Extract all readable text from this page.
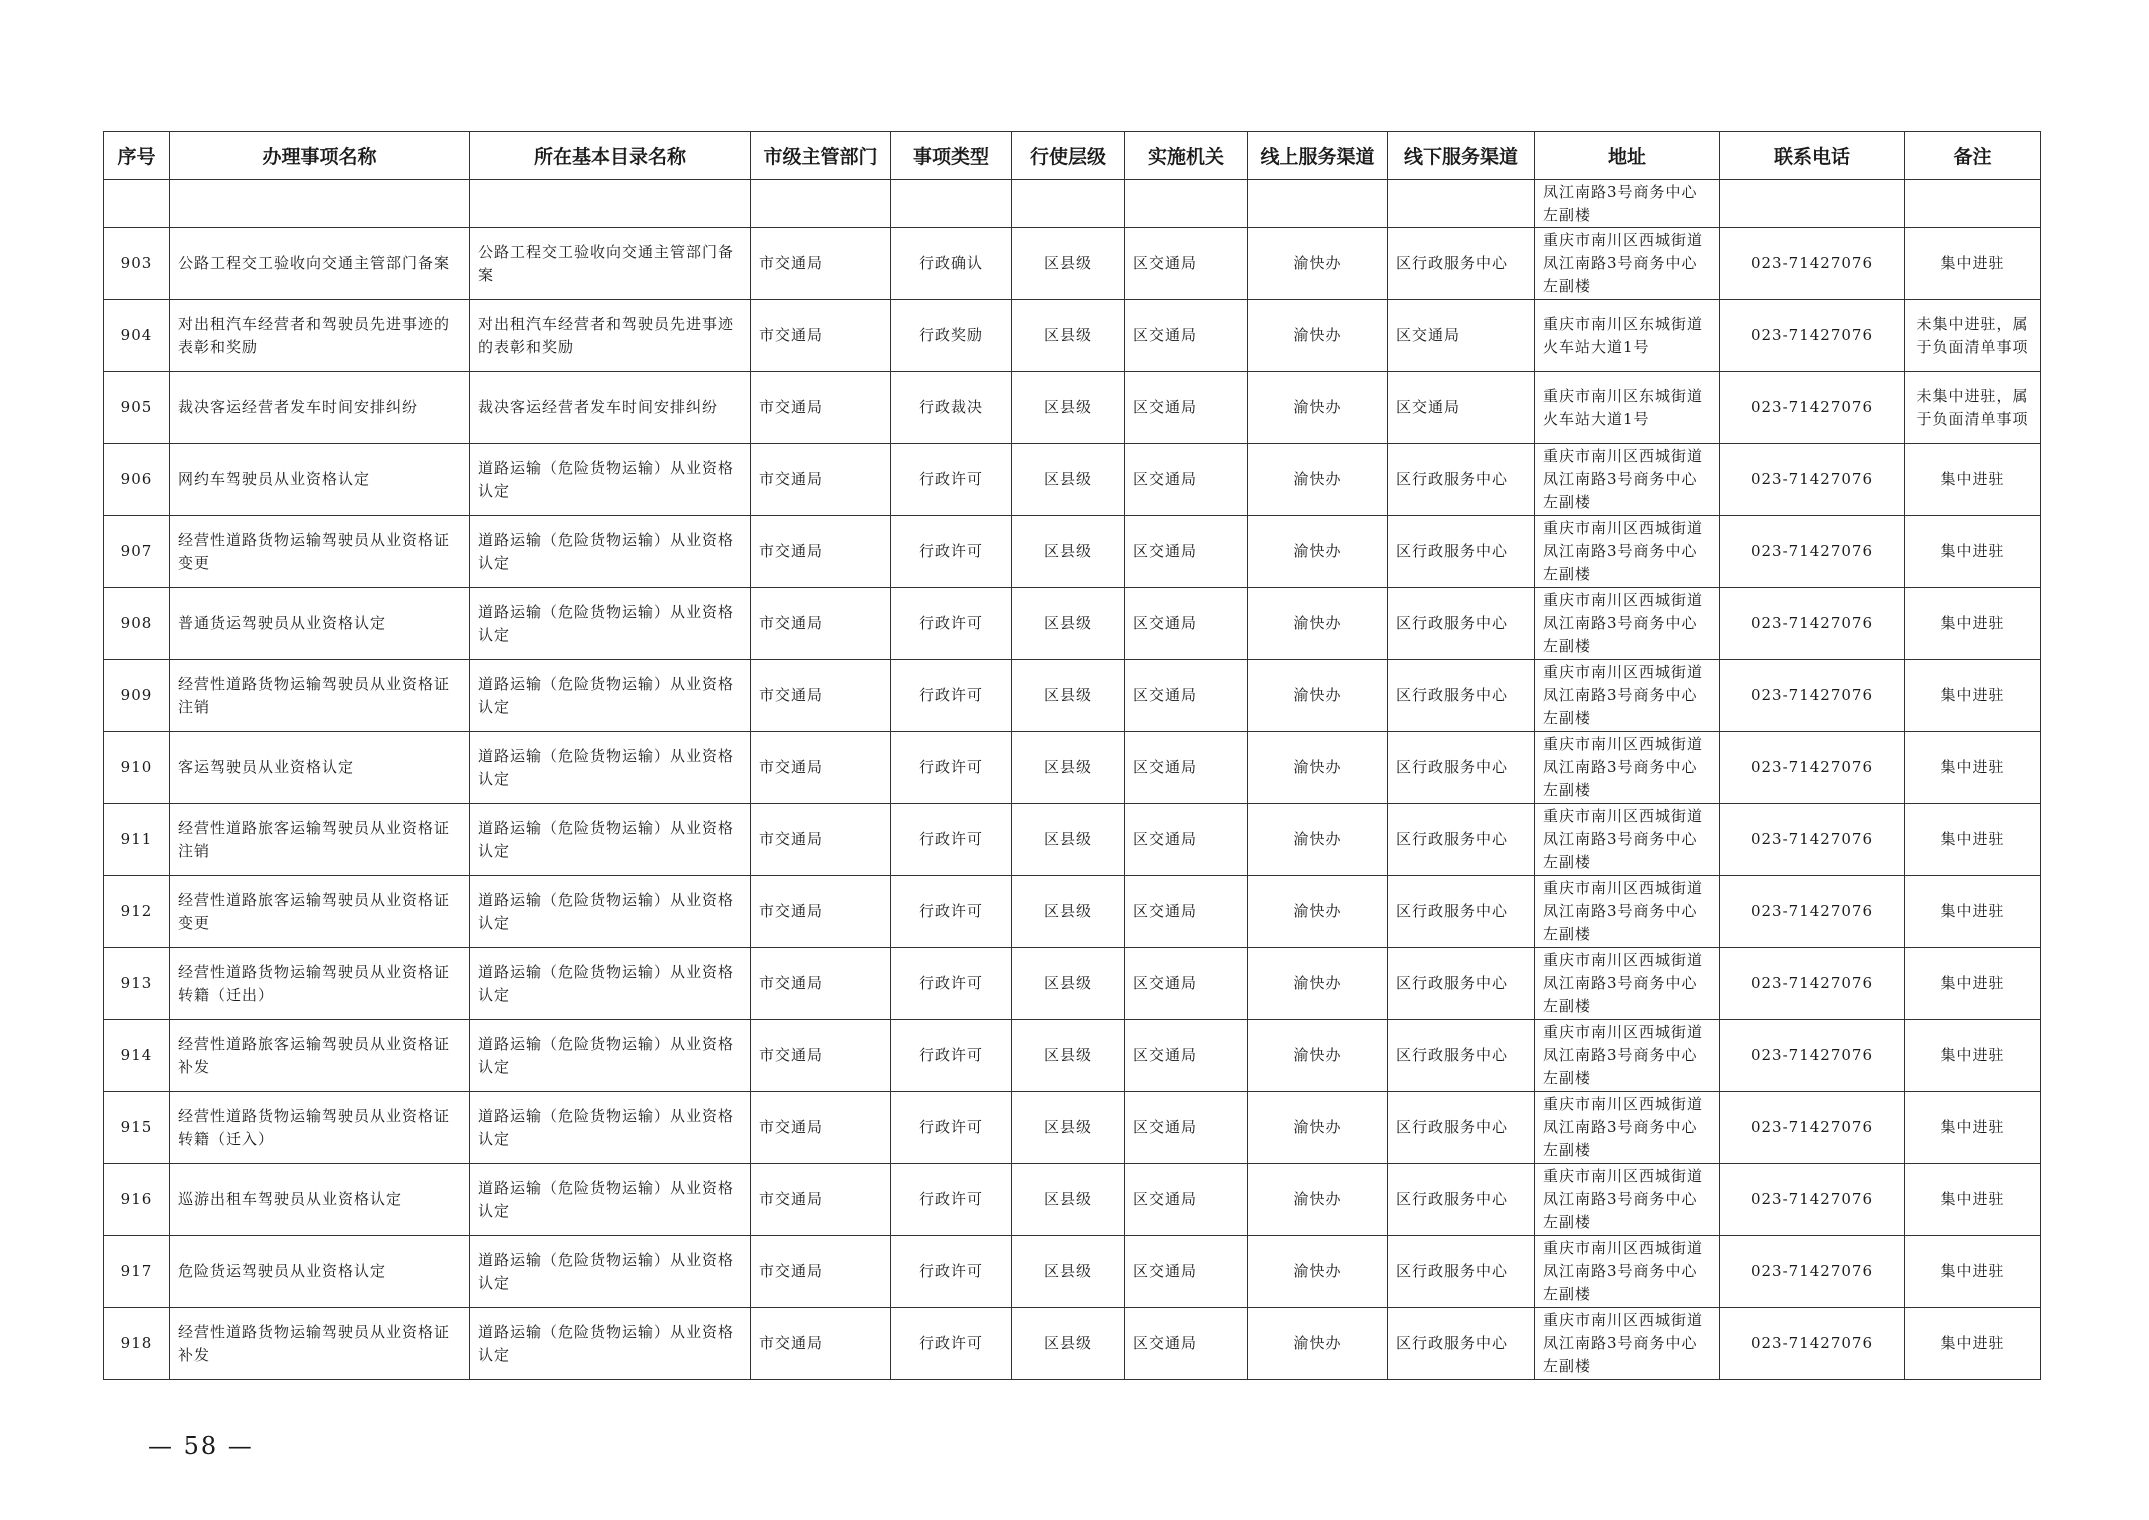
序号	办理事项名称	所在基本目录名称	市级主管部门	事项类型	行使层级	实施机关	线上服务渠道	线下服务渠道	地址	联系电话	备注
									凤江南路3号商务中心左副楼		
903	公路工程交工验收向交通主管部门备案	公路工程交工验收向交通主管部门备案	市交通局	行政确认	区县级	区交通局	渝快办	区行政服务中心	重庆市南川区西城街道凤江南路3号商务中心左副楼	023-71427076	集中进驻
904	对出租汽车经营者和驾驶员先进事迹的表彰和奖励	对出租汽车经营者和驾驶员先进事迹的表彰和奖励	市交通局	行政奖励	区县级	区交通局	渝快办	区交通局	重庆市南川区东城街道火车站大道1号	023-71427076	未集中进驻，属于负面清单事项
905	裁决客运经营者发车时间安排纠纷	裁决客运经营者发车时间安排纠纷	市交通局	行政裁决	区县级	区交通局	渝快办	区交通局	重庆市南川区东城街道火车站大道1号	023-71427076	未集中进驻，属于负面清单事项
906	网约车驾驶员从业资格认定	道路运输（危险货物运输）从业资格认定	市交通局	行政许可	区县级	区交通局	渝快办	区行政服务中心	重庆市南川区西城街道凤江南路3号商务中心左副楼	023-71427076	集中进驻
907	经营性道路货物运输驾驶员从业资格证变更	道路运输（危险货物运输）从业资格认定	市交通局	行政许可	区县级	区交通局	渝快办	区行政服务中心	重庆市南川区西城街道凤江南路3号商务中心左副楼	023-71427076	集中进驻
908	普通货运驾驶员从业资格认定	道路运输（危险货物运输）从业资格认定	市交通局	行政许可	区县级	区交通局	渝快办	区行政服务中心	重庆市南川区西城街道凤江南路3号商务中心左副楼	023-71427076	集中进驻
909	经营性道路货物运输驾驶员从业资格证注销	道路运输（危险货物运输）从业资格认定	市交通局	行政许可	区县级	区交通局	渝快办	区行政服务中心	重庆市南川区西城街道凤江南路3号商务中心左副楼	023-71427076	集中进驻
910	客运驾驶员从业资格认定	道路运输（危险货物运输）从业资格认定	市交通局	行政许可	区县级	区交通局	渝快办	区行政服务中心	重庆市南川区西城街道凤江南路3号商务中心左副楼	023-71427076	集中进驻
911	经营性道路旅客运输驾驶员从业资格证注销	道路运输（危险货物运输）从业资格认定	市交通局	行政许可	区县级	区交通局	渝快办	区行政服务中心	重庆市南川区西城街道凤江南路3号商务中心左副楼	023-71427076	集中进驻
912	经营性道路旅客运输驾驶员从业资格证变更	道路运输（危险货物运输）从业资格认定	市交通局	行政许可	区县级	区交通局	渝快办	区行政服务中心	重庆市南川区西城街道凤江南路3号商务中心左副楼	023-71427076	集中进驻
913	经营性道路货物运输驾驶员从业资格证转籍（迁出）	道路运输（危险货物运输）从业资格认定	市交通局	行政许可	区县级	区交通局	渝快办	区行政服务中心	重庆市南川区西城街道凤江南路3号商务中心左副楼	023-71427076	集中进驻
914	经营性道路旅客运输驾驶员从业资格证补发	道路运输（危险货物运输）从业资格认定	市交通局	行政许可	区县级	区交通局	渝快办	区行政服务中心	重庆市南川区西城街道凤江南路3号商务中心左副楼	023-71427076	集中进驻
915	经营性道路货物运输驾驶员从业资格证转籍（迁入）	道路运输（危险货物运输）从业资格认定	市交通局	行政许可	区县级	区交通局	渝快办	区行政服务中心	重庆市南川区西城街道凤江南路3号商务中心左副楼	023-71427076	集中进驻
916	巡游出租车驾驶员从业资格认定	道路运输（危险货物运输）从业资格认定	市交通局	行政许可	区县级	区交通局	渝快办	区行政服务中心	重庆市南川区西城街道凤江南路3号商务中心左副楼	023-71427076	集中进驻
917	危险货运驾驶员从业资格认定	道路运输（危险货物运输）从业资格认定	市交通局	行政许可	区县级	区交通局	渝快办	区行政服务中心	重庆市南川区西城街道凤江南路3号商务中心左副楼	023-71427076	集中进驻
918	经营性道路货物运输驾驶员从业资格证补发	道路运输（危险货物运输）从业资格认定	市交通局	行政许可	区县级	区交通局	渝快办	区行政服务中心	重庆市南川区西城街道凤江南路3号商务中心左副楼	023-71427076	集中进驻
— 58 —
